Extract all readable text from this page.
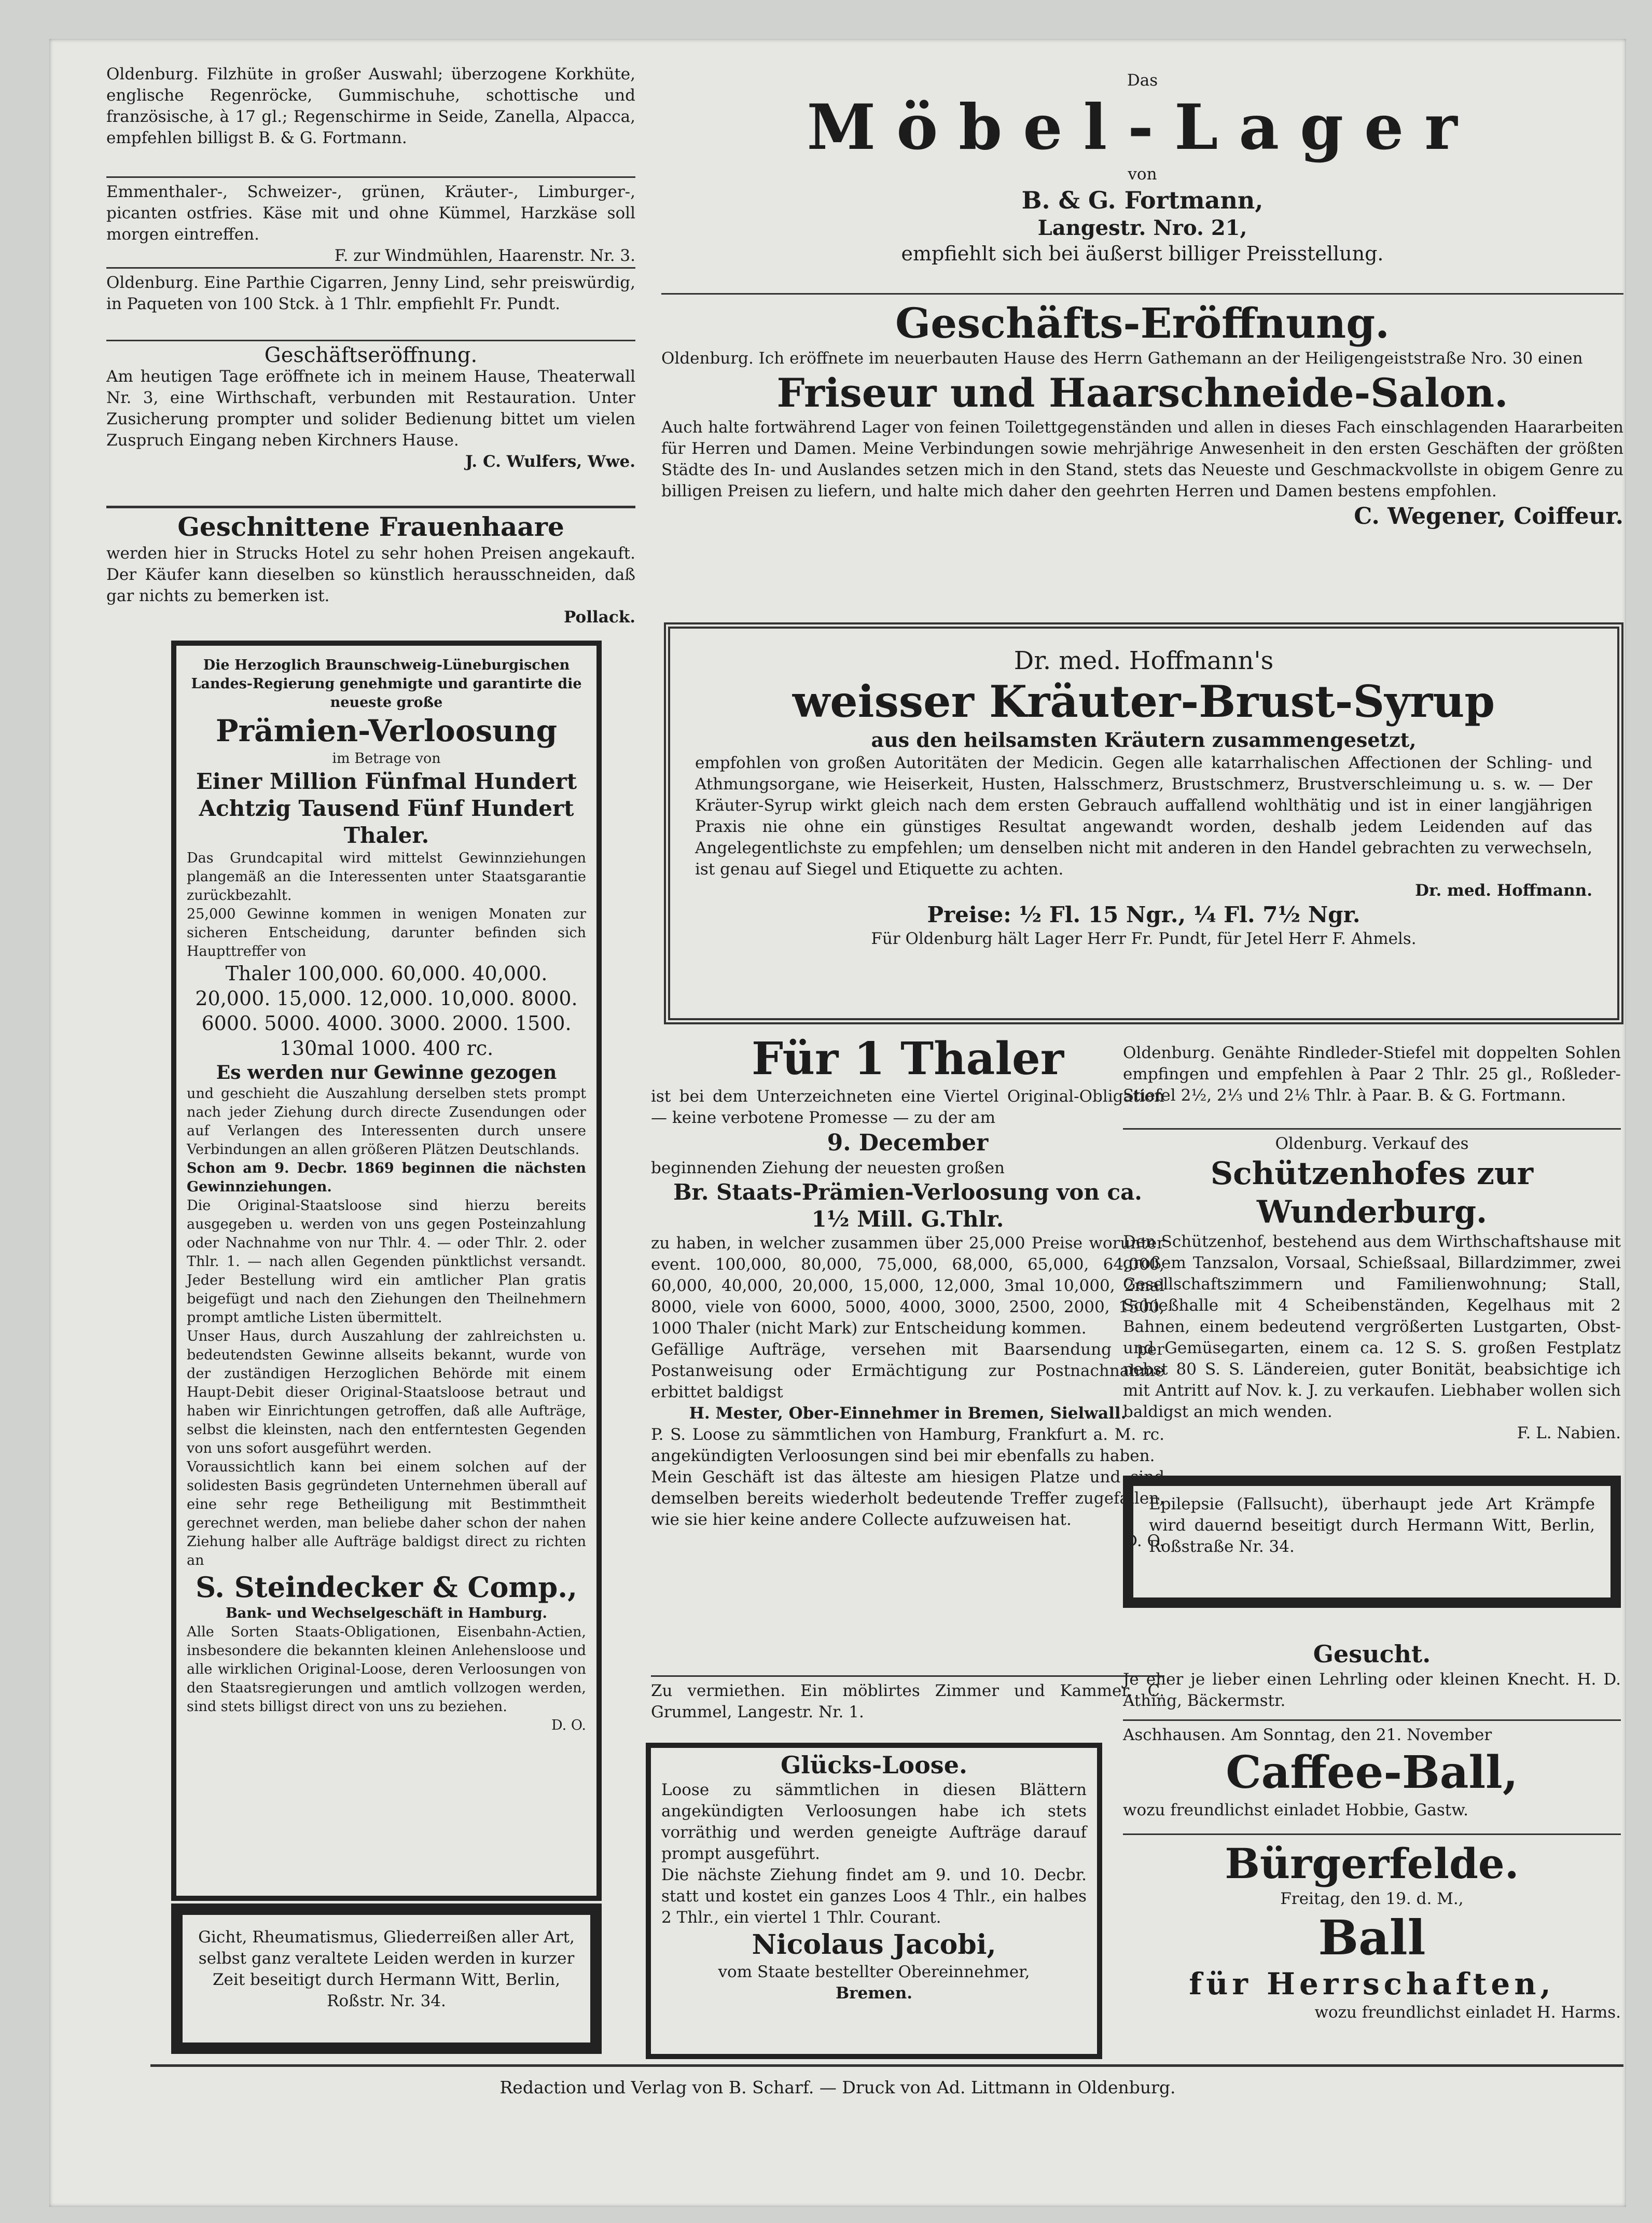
Oldenburg. Filzhüte in großer Auswahl; überzogene Korkhüte, englische Regenröcke, Gummischuhe, schottische und französische, à 17 gl.; Regenschirme in Seide, Zanella, Alpacca, empfehlen billigst B. & G. Fortmann.

Emmenthaler-, Schweizer-, grünen, Kräuter-, Limburger-, picanten ostfries. Käse mit und ohne Kümmel, Harzkäse soll morgen eintreffen.

F. zur Windmühlen, Haarenstr. Nr. 3.

Oldenburg. Eine Parthie Cigarren, Jenny Lind, sehr preiswürdig, in Paqueten von 100 Stck. à 1 Thlr. empfiehlt Fr. Pundt.

Geschäftseröffnung.

Am heutigen Tage eröffnete ich in meinem Hause, Theaterwall Nr. 3, eine Wirthschaft, verbunden mit Restauration. Unter Zusicherung prompter und solider Bedienung bittet um vielen Zuspruch Eingang neben Kirchners Hause.

J. C. Wulfers, Wwe.

Geschnittene Frauenhaare

werden hier in Strucks Hotel zu sehr hohen Preisen angekauft. Der Käufer kann dieselben so künstlich herausschneiden, daß gar nichts zu bemerken ist.

Pollack.

Die Herzoglich Braunschweig-Lüneburgischen Landes-Regierung genehmigte und garantirte die

neueste große

Prämien-Verloosung

im Betrage von

Einer Million Fünfmal Hundert Achtzig Tausend Fünf Hundert Thaler.

Das Grundcapital wird mittelst Gewinnziehungen plangemäß an die Interessenten unter Staatsgarantie zurückbezahlt.

25,000 Gewinne kommen in wenigen Monaten zur sicheren Entscheidung, darunter befinden sich Haupttreffer von

Thaler 100,000. 60,000. 40,000. 20,000. 15,000. 12,000. 10,000. 8000. 6000. 5000. 4000. 3000. 2000. 1500. 130mal 1000. 400 rc.

Es werden nur Gewinne gezogen

und geschieht die Auszahlung derselben stets prompt nach jeder Ziehung durch directe Zusendungen oder auf Verlangen des Interessenten durch unsere Verbindungen an allen größeren Plätzen Deutschlands.

Schon am 9. Decbr. 1869 beginnen die nächsten Gewinnziehungen.

Die Original-Staatsloose sind hierzu bereits ausgegeben u. werden von uns gegen Posteinzahlung oder Nachnahme von nur Thlr. 4. — oder Thlr. 2. oder Thlr. 1. — nach allen Gegenden pünktlichst versandt. Jeder Bestellung wird ein amtlicher Plan gratis beigefügt und nach den Ziehungen den Theilnehmern prompt amtliche Listen übermittelt.

Unser Haus, durch Auszahlung der zahlreichsten u. bedeutendsten Gewinne allseits bekannt, wurde von der zuständigen Herzoglichen Behörde mit einem Haupt-Debit dieser Original-Staatsloose betraut und haben wir Einrichtungen getroffen, daß alle Aufträge, selbst die kleinsten, nach den entferntesten Gegenden von uns sofort ausgeführt werden.

Voraussichtlich kann bei einem solchen auf der solidesten Basis gegründeten Unternehmen überall auf eine sehr rege Betheiligung mit Bestimmtheit gerechnet werden, man beliebe daher schon der nahen Ziehung halber alle Aufträge baldigst direct zu richten an

S. Steindecker & Comp.,

Bank- und Wechselgeschäft in Hamburg.

Alle Sorten Staats-Obligationen, Eisenbahn-Actien, insbesondere die bekannten kleinen Anlehensloose und alle wirklichen Original-Loose, deren Verloosungen von den Staatsregierungen und amtlich vollzogen werden, sind stets billigst direct von uns zu beziehen.

D. O.

Gicht, Rheumatismus, Gliederreißen aller Art, selbst ganz veraltete Leiden werden in kurzer Zeit beseitigt durch Hermann Witt, Berlin, Roßstr. Nr. 34.

Das

Möbel-Lager

von

B. & G. Fortmann,

Langestr. Nro. 21,

empfiehlt sich bei äußerst billiger Preisstellung.

Geschäfts-Eröffnung.

Oldenburg. Ich eröffnete im neuerbauten Hause des Herrn Gathemann an der Heiligengeiststraße Nro. 30 einen

Friseur und Haarschneide-Salon.

Auch halte fortwährend Lager von feinen Toilettgegenständen und allen in dieses Fach einschlagenden Haararbeiten für Herren und Damen. Meine Verbindungen sowie mehrjährige Anwesenheit in den ersten Geschäften der größten Städte des In- und Auslandes setzen mich in den Stand, stets das Neueste und Geschmackvollste in obigem Genre zu billigen Preisen zu liefern, und halte mich daher den geehrten Herren und Damen bestens empfohlen.

C. Wegener, Coiffeur.

Dr. med. Hoffmann's

weisser Kräuter-Brust-Syrup

aus den heilsamsten Kräutern zusammengesetzt,

empfohlen von großen Autoritäten der Medicin. Gegen alle katarrhalischen Affectionen der Schling- und Athmungsorgane, wie Heiserkeit, Husten, Halsschmerz, Brustschmerz, Brustverschleimung u. s. w. — Der Kräuter-Syrup wirkt gleich nach dem ersten Gebrauch auffallend wohlthätig und ist in einer langjährigen Praxis nie ohne ein günstiges Resultat angewandt worden, deshalb jedem Leidenden auf das Angelegentlichste zu empfehlen; um denselben nicht mit anderen in den Handel gebrachten zu verwechseln, ist genau auf Siegel und Etiquette zu achten.

Dr. med. Hoffmann.

Preise: ½ Fl. 15 Ngr., ¼ Fl. 7½ Ngr.

Für Oldenburg hält Lager Herr Fr. Pundt, für Jetel Herr F. Ahmels.

Für 1 Thaler

ist bei dem Unterzeichneten eine Viertel Original-Obligation — keine verbotene Promesse — zu der am

9. December

beginnenden Ziehung der neuesten großen

Br. Staats-Prämien-Verloosung von ca. 1½ Mill. G.Thlr.

zu haben, in welcher zusammen über 25,000 Preise worunter event. 100,000, 80,000, 75,000, 68,000, 65,000, 64,000, 60,000, 40,000, 20,000, 15,000, 12,000, 3mal 10,000, 2mal 8000, viele von 6000, 5000, 4000, 3000, 2500, 2000, 1500, 1000 Thaler (nicht Mark) zur Entscheidung kommen.

Gefällige Aufträge, versehen mit Baarsendung per Postanweisung oder Ermächtigung zur Postnachnahme erbittet baldigst

H. Mester, Ober-Einnehmer in Bremen, Sielwall.

P. S. Loose zu sämmtlichen von Hamburg, Frankfurt a. M. rc. angekündigten Verloosungen sind bei mir ebenfalls zu haben.

Mein Geschäft ist das älteste am hiesigen Platze und sind demselben bereits wiederholt bedeutende Treffer zugefallen, wie sie hier keine andere Collecte aufzuweisen hat.

D. O.

Zu vermiethen. Ein möblirtes Zimmer und Kammer. C. Grummel, Langestr. Nr. 1.

Glücks-Loose.

Loose zu sämmtlichen in diesen Blättern angekündigten Verloosungen habe ich stets vorräthig und werden geneigte Aufträge darauf prompt ausgeführt.

Die nächste Ziehung findet am 9. und 10. Decbr. statt und kostet ein ganzes Loos 4 Thlr., ein halbes 2 Thlr., ein viertel 1 Thlr. Courant.

Nicolaus Jacobi,

vom Staate bestellter Obereinnehmer,

Bremen.

Oldenburg. Genähte Rindleder-Stiefel mit doppelten Sohlen empfingen und empfehlen à Paar 2 Thlr. 25 gl., Roßleder-Stiefel 2½, 2⅓ und 2⅙ Thlr. à Paar. B. & G. Fortmann.

Oldenburg. Verkauf des

Schützenhofes zur Wunderburg.

Den Schützenhof, bestehend aus dem Wirthschaftshause mit großem Tanzsalon, Vorsaal, Schießsaal, Billardzimmer, zwei Gesellschaftszimmern und Familienwohnung; Stall, Schießhalle mit 4 Scheibenständen, Kegelhaus mit 2 Bahnen, einem bedeutend vergrößerten Lustgarten, Obst- und Gemüsegarten, einem ca. 12 S. S. großen Festplatz nebst 80 S. S. Ländereien, guter Bonität, beabsichtige ich mit Antritt auf Nov. k. J. zu verkaufen. Liebhaber wollen sich baldigst an mich wenden.

F. L. Nabien.

Epilepsie (Fallsucht), überhaupt jede Art Krämpfe wird dauernd beseitigt durch Hermann Witt, Berlin, Roßstraße Nr. 34.

Gesucht.

Je eher je lieber einen Lehrling oder kleinen Knecht. H. D. Athing, Bäckermstr.

Aschhausen. Am Sonntag, den 21. November

Caffee-Ball,

wozu freundlichst einladet Hobbie, Gastw.

Bürgerfelde.

Freitag, den 19. d. M.,

Ball

für Herrschaften,

wozu freundlichst einladet H. Harms.

Redaction und Verlag von B. Scharf. — Druck von Ad. Littmann in Oldenburg.
